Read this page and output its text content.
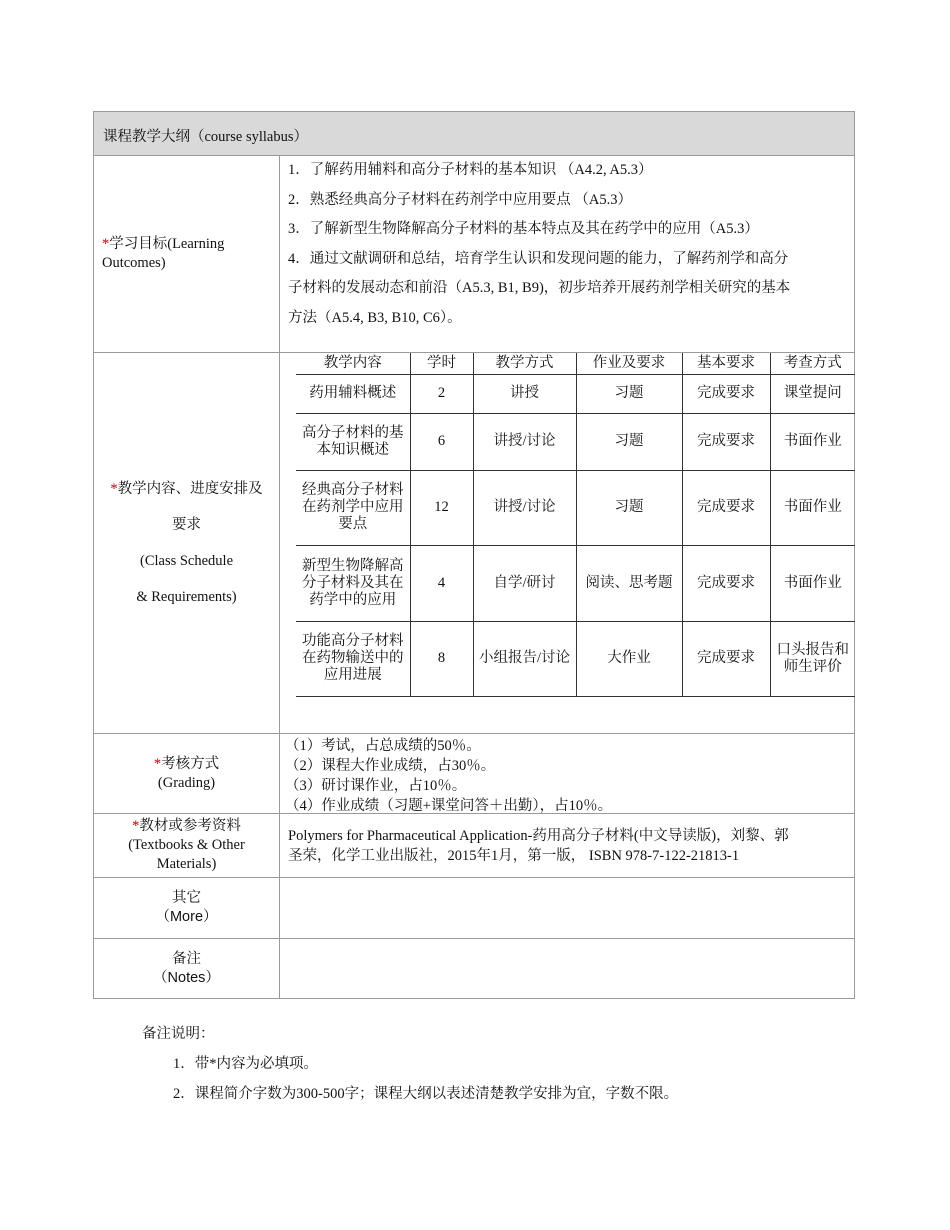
课程教学大纲（course syllabus）
*学习目标(Learning Outcomes)
1．了解药用辅料和高分子材料的基本知识 （A4.2, A5.3）
2．熟悉经典高分子材料在药剂学中应用要点 （A5.3）
3．了解新型生物降解高分子材料的基本特点及其在药学中的应用（A5.3）
4．通过文献调研和总结，培育学生认识和发现问题的能力，了解药剂学和高分
子材料的发展动态和前沿（A5.3, B1, B9)，初步培养开展药剂学相关研究的基本
方法（A5.4, B3, B10, C6）。
*教学内容、进度安排及
要求
(Class Schedule
& Requirements)
教学内容	学时	教学方式	作业及要求	基本要求	考查方式
药用辅料概述	2	讲授	习题	完成要求	课堂提问
高分子材料的基本知识概述	6	讲授/讨论	习题	完成要求	书面作业
经典高分子材料在药剂学中应用要点	12	讲授/讨论	习题	完成要求	书面作业
新型生物降解高分子材料及其在药学中的应用	4	自学/研讨	阅读、思考题	完成要求	书面作业
功能高分子材料在药物输送中的应用进展	8	小组报告/讨论	大作业	完成要求	口头报告和师生评价
*考核方式
(Grading)
（1）考试，占总成绩的50％。
（2）课程大作业成绩，占30％。
（3）研讨课作业，占10％。
（4）作业成绩（习题+课堂问答＋出勤），占10％。
*教材或参考资料
(Textbooks & Other
Materials)
Polymers for Pharmaceutical Application-药用高分子材料(中文导读版)，刘黎、郭
圣荣，化学工业出版社，2015年1月，第一版， ISBN 978-7-122-21813-1
其它
（More）
备注
（Notes）
备注说明：
1．带*内容为必填项。
2．课程简介字数为300-500字；课程大纲以表述清楚教学安排为宜，字数不限。
